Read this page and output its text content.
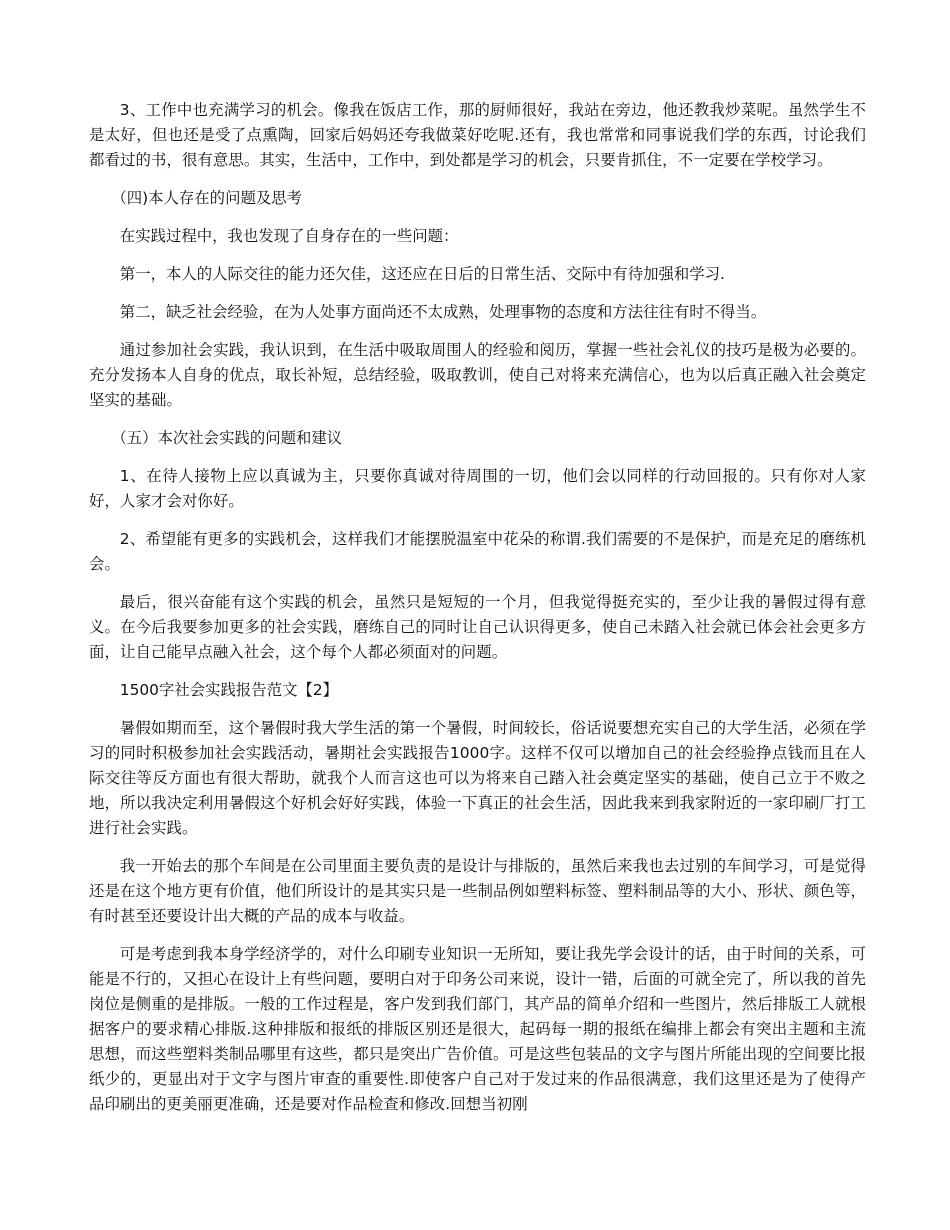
3、工作中也充满学习的机会。像我在饭店工作，那的厨师很好，我站在旁边，他还教我炒菜呢。虽然学生不是太好，但也还是受了点熏陶，回家后妈妈还夸我做菜好吃呢.还有，我也常常和同事说我们学的东西，讨论我们都看过的书，很有意思。其实，生活中，工作中，到处都是学习的机会，只要肯抓住，不一定要在学校学习。

（四)本人存在的问题及思考

在实践过程中，我也发现了自身存在的一些问题：

第一，本人的人际交往的能力还欠佳，这还应在日后的日常生活、交际中有待加强和学习.

第二，缺乏社会经验，在为人处事方面尚还不太成熟，处理事物的态度和方法往往有时不得当。

通过参加社会实践，我认识到，在生活中吸取周围人的经验和阅历，掌握一些社会礼仪的技巧是极为必要的。充分发扬本人自身的优点，取长补短，总结经验，吸取教训，使自己对将来充满信心，也为以后真正融入社会奠定坚实的基础。

（五）本次社会实践的问题和建议

1、在待人接物上应以真诚为主，只要你真诚对待周围的一切，他们会以同样的行动回报的。只有你对人家好，人家才会对你好。

2、希望能有更多的实践机会，这样我们才能摆脱温室中花朵的称谓.我们需要的不是保护，而是充足的磨练机会。

最后，很兴奋能有这个实践的机会，虽然只是短短的一个月，但我觉得挺充实的，至少让我的暑假过得有意义。在今后我要参加更多的社会实践，磨练自己的同时让自己认识得更多，使自己未踏入社会就已体会社会更多方面，让自己能早点融入社会，这个每个人都必须面对的问题。

1500字社会实践报告范文【2】

暑假如期而至，这个暑假时我大学生活的第一个暑假，时间较长，俗话说要想充实自己的大学生活，必须在学习的同时积极参加社会实践活动，暑期社会实践报告1000字。这样不仅可以增加自己的社会经验挣点钱而且在人际交往等反方面也有很大帮助，就我个人而言这也可以为将来自己踏入社会奠定坚实的基础，使自己立于不败之地，所以我决定利用暑假这个好机会好好实践，体验一下真正的社会生活，因此我来到我家附近的一家印刷厂打工进行社会实践。

我一开始去的那个车间是在公司里面主要负责的是设计与排版的，虽然后来我也去过别的车间学习，可是觉得还是在这个地方更有价值，他们所设计的是其实只是一些制品例如塑料标签、塑料制品等的大小、形状、颜色等，有时甚至还要设计出大概的产品的成本与收益。

可是考虑到我本身学经济学的，对什么印刷专业知识一无所知，要让我先学会设计的话，由于时间的关系，可能是不行的，又担心在设计上有些问题，要明白对于印务公司来说，设计一错，后面的可就全完了，所以我的首先岗位是侧重的是排版。一般的工作过程是，客户发到我们部门，其产品的简单介绍和一些图片，然后排版工人就根据客户的要求精心排版.这种排版和报纸的排版区别还是很大，起码每一期的报纸在编排上都会有突出主题和主流思想，而这些塑料类制品哪里有这些，都只是突出广告价值。可是这些包装品的文字与图片所能出现的空间要比报纸少的，更显出对于文字与图片审查的重要性.即使客户自己对于发过来的作品很满意，我们这里还是为了使得产品印刷出的更美丽更准确，还是要对作品检查和修改.回想当初刚
